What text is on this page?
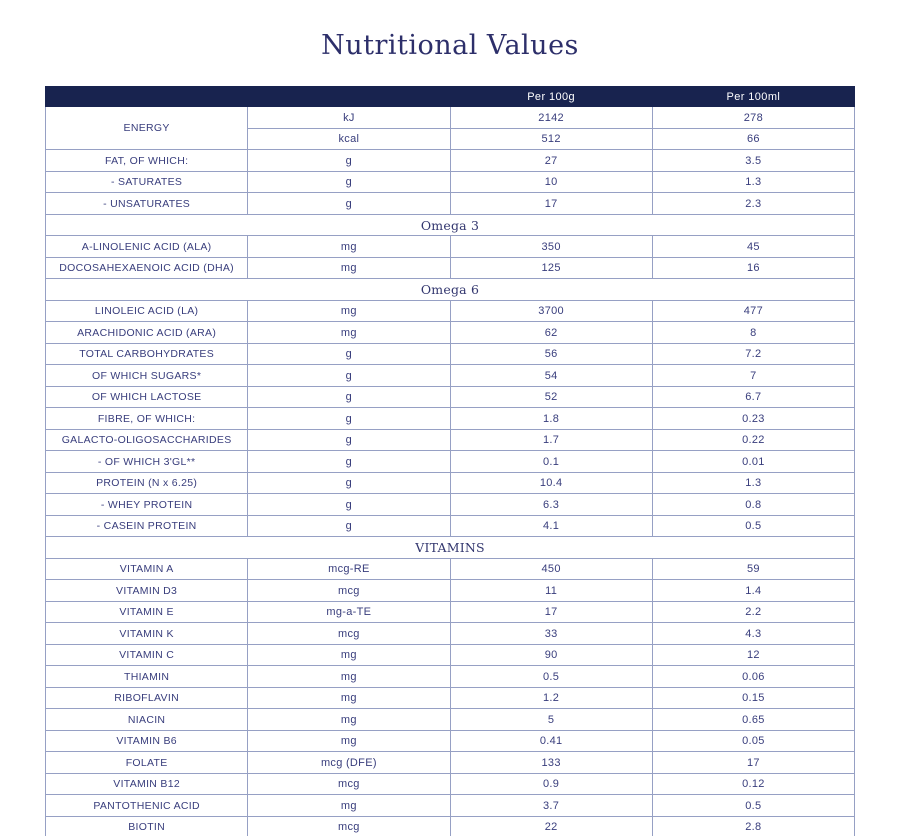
Nutritional Values
		Per 100g	Per 100ml
ENERGY	kJ	2142	278
	kcal	512	66
FAT, OF WHICH:	g	27	3.5
- SATURATES	g	10	1.3
- UNSATURATES	g	17	2.3
Omega 3			
A-LINOLENIC ACID (ALA)	mg	350	45
DOCOSAHEXAENOIC ACID (DHA)	mg	125	16
Omega 6			
LINOLEIC ACID (LA)	mg	3700	477
ARACHIDONIC ACID (ARA)	mg	62	8
TOTAL CARBOHYDRATES	g	56	7.2
OF WHICH SUGARS*	g	54	7
OF WHICH LACTOSE	g	52	6.7
FIBRE, OF WHICH:	g	1.8	0.23
GALACTO-OLIGOSACCHARIDES	g	1.7	0.22
- OF WHICH 3'GL**	g	0.1	0.01
PROTEIN (N x 6.25)	g	10.4	1.3
- WHEY PROTEIN	g	6.3	0.8
- CASEIN PROTEIN	g	4.1	0.5
VITAMINS			
VITAMIN A	mcg-RE	450	59
VITAMIN D3	mcg	11	1.4
VITAMIN E	mg-a-TE	17	2.2
VITAMIN K	mcg	33	4.3
VITAMIN C	mg	90	12
THIAMIN	mg	0.5	0.06
RIBOFLAVIN	mg	1.2	0.15
NIACIN	mg	5	0.65
VITAMIN B6	mg	0.41	0.05
FOLATE	mcg (DFE)	133	17
VITAMIN B12	mcg	0.9	0.12
PANTOTHENIC ACID	mg	3.7	0.5
BIOTIN	mcg	22	2.8
